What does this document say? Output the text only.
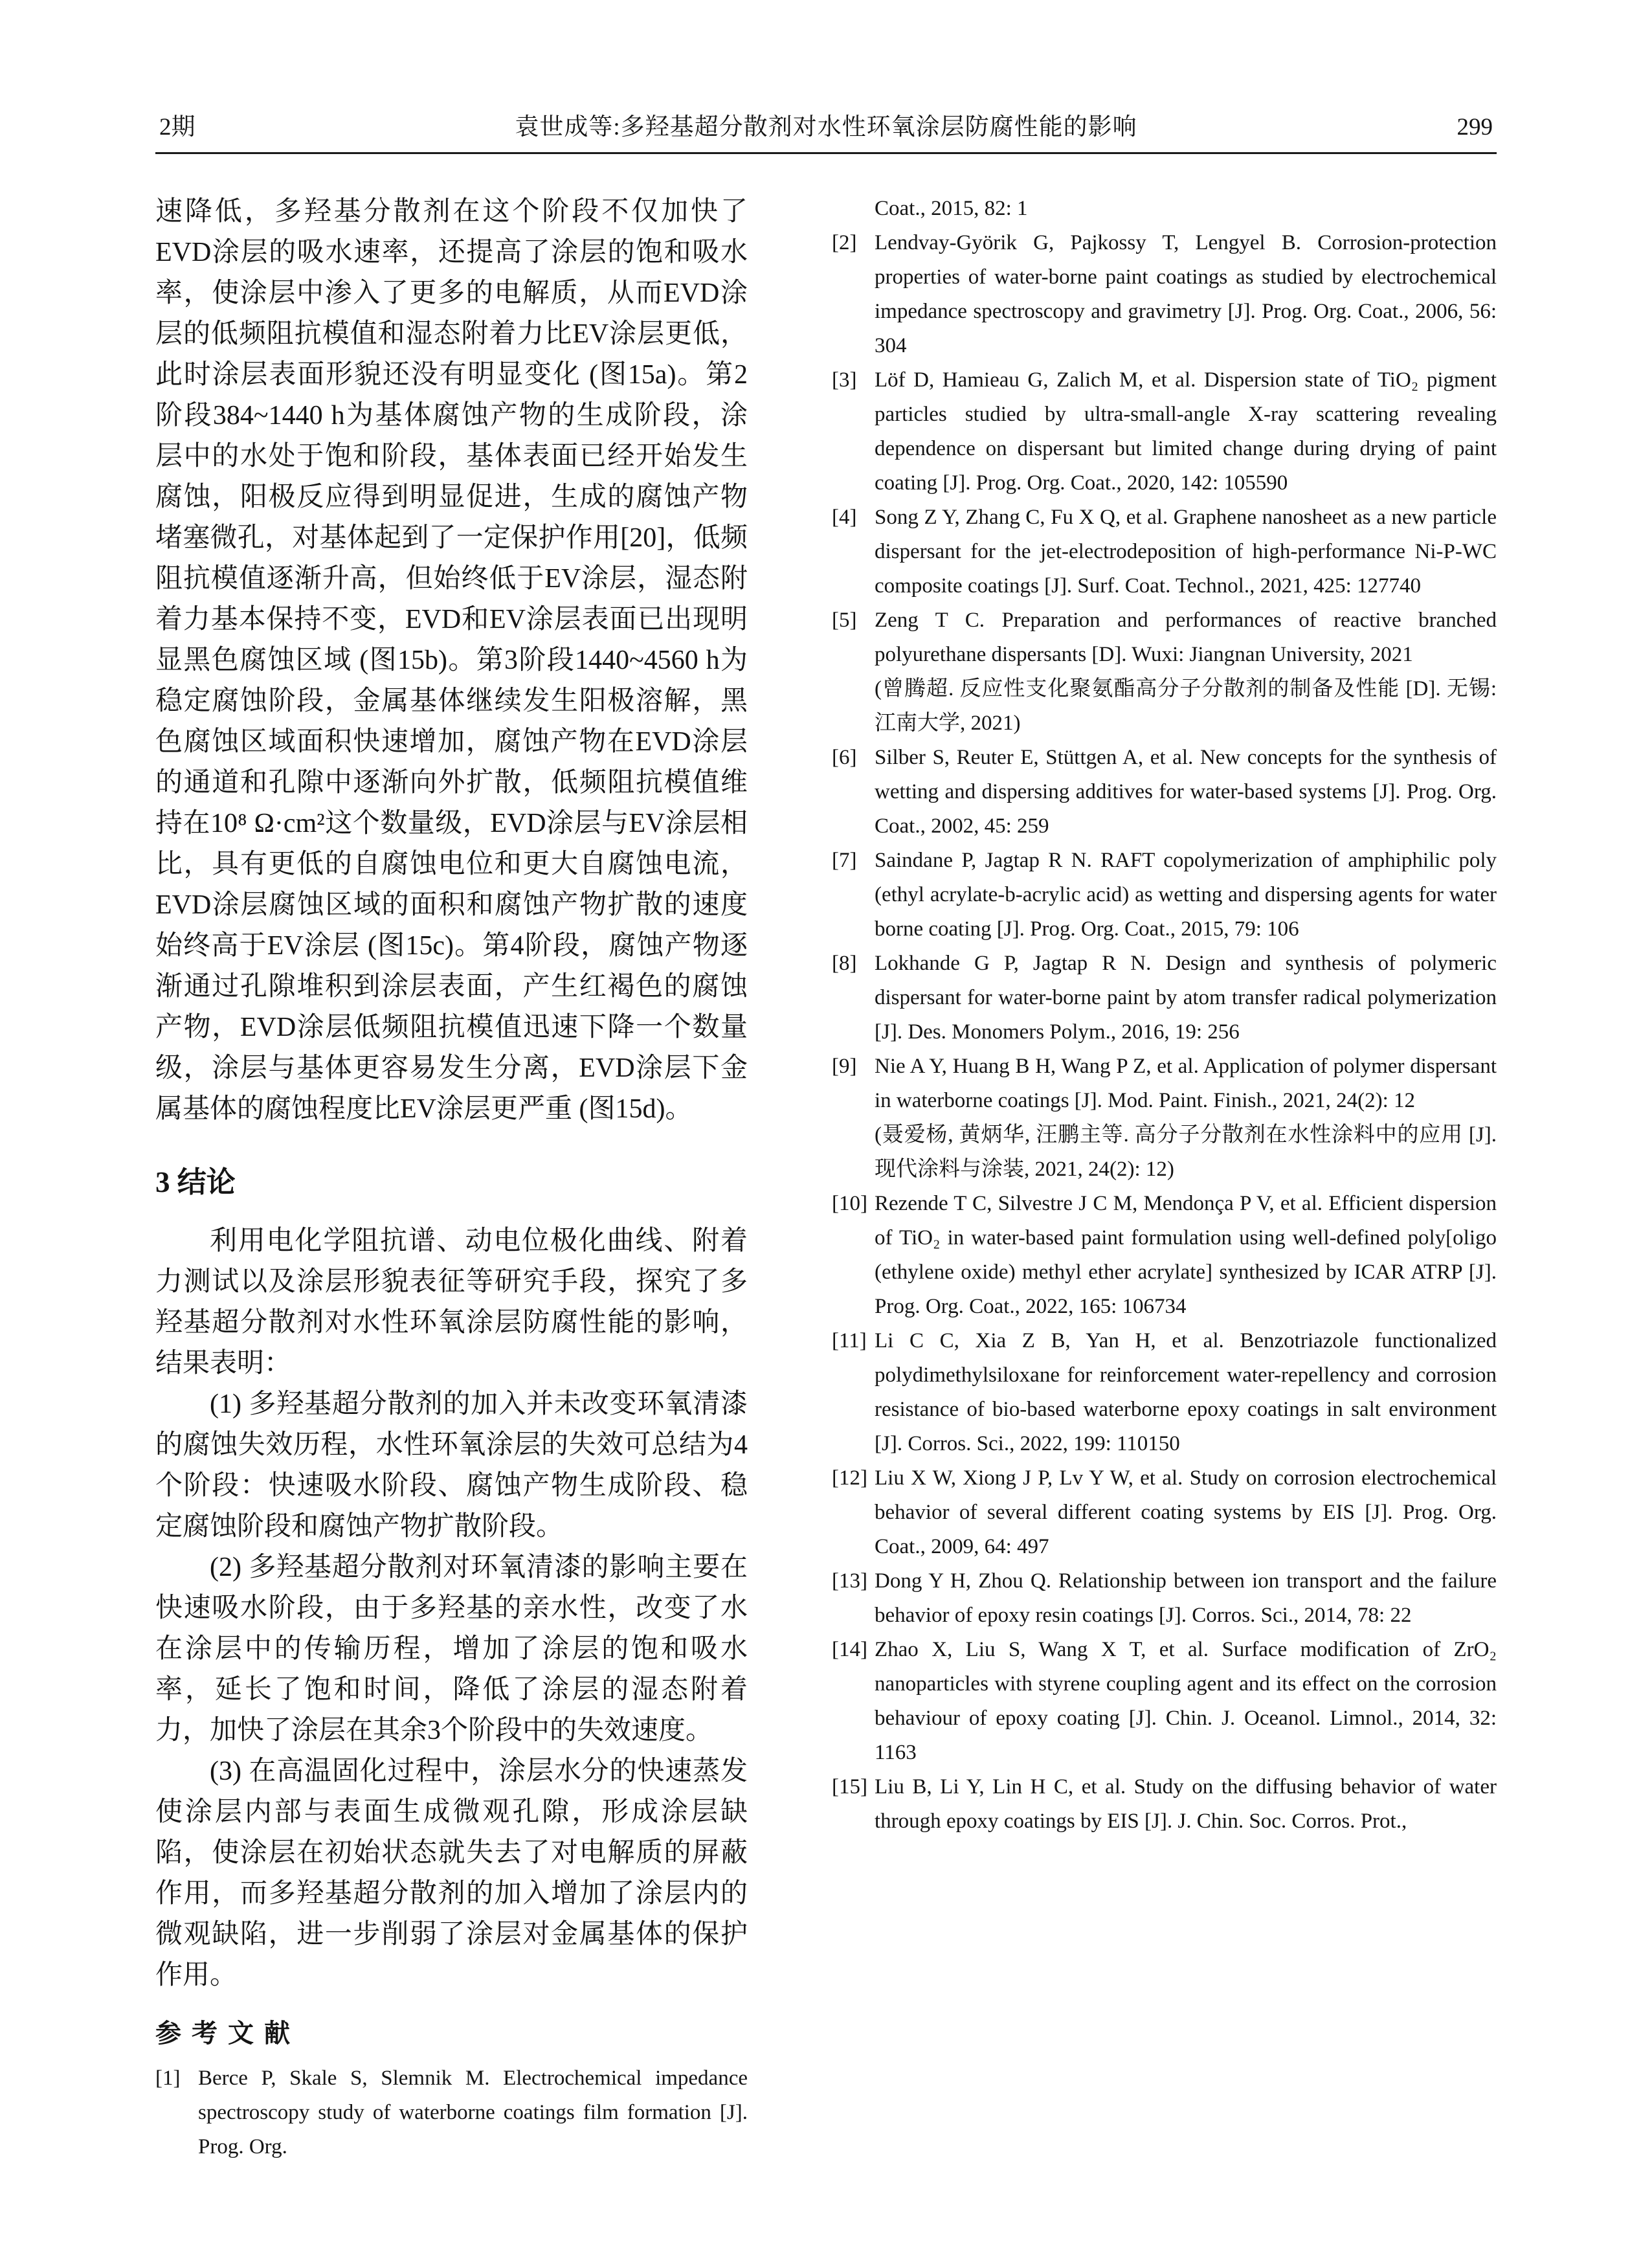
2期	袁世成等:多羟基超分散剂对水性环氧涂层防腐性能的影响	299

速降低，多羟基分散剂在这个阶段不仅加快了EVD涂层的吸水速率，还提高了涂层的饱和吸水率，使涂层中渗入了更多的电解质，从而EVD涂层的低频阻抗模值和湿态附着力比EV涂层更低，此时涂层表面形貌还没有明显变化 (图15a)。第2阶段384~1440 h为基体腐蚀产物的生成阶段，涂层中的水处于饱和阶段，基体表面已经开始发生腐蚀，阳极反应得到明显促进，生成的腐蚀产物堵塞微孔，对基体起到了一定保护作用[20]，低频阻抗模值逐渐升高，但始终低于EV涂层，湿态附着力基本保持不变，EVD和EV涂层表面已出现明显黑色腐蚀区域 (图15b)。第3阶段1440~4560 h为稳定腐蚀阶段，金属基体继续发生阳极溶解，黑色腐蚀区域面积快速增加，腐蚀产物在EVD涂层的通道和孔隙中逐渐向外扩散，低频阻抗模值维持在10⁸ Ω·cm²这个数量级，EVD涂层与EV涂层相比，具有更低的自腐蚀电位和更大自腐蚀电流，EVD涂层腐蚀区域的面积和腐蚀产物扩散的速度始终高于EV涂层 (图15c)。第4阶段，腐蚀产物逐渐通过孔隙堆积到涂层表面，产生红褐色的腐蚀产物，EVD涂层低频阻抗模值迅速下降一个数量级，涂层与基体更容易发生分离，EVD涂层下金属基体的腐蚀程度比EV涂层更严重 (图15d)。

3 结论

利用电化学阻抗谱、动电位极化曲线、附着力测试以及涂层形貌表征等研究手段，探究了多羟基超分散剂对水性环氧涂层防腐性能的影响，结果表明：

(1) 多羟基超分散剂的加入并未改变环氧清漆的腐蚀失效历程，水性环氧涂层的失效可总结为4个阶段：快速吸水阶段、腐蚀产物生成阶段、稳定腐蚀阶段和腐蚀产物扩散阶段。

(2) 多羟基超分散剂对环氧清漆的影响主要在快速吸水阶段，由于多羟基的亲水性，改变了水在涂层中的传输历程，增加了涂层的饱和吸水率，延长了饱和时间，降低了涂层的湿态附着力，加快了涂层在其余3个阶段中的失效速度。

(3) 在高温固化过程中，涂层水分的快速蒸发使涂层内部与表面生成微观孔隙，形成涂层缺陷，使涂层在初始状态就失去了对电解质的屏蔽作用，而多羟基超分散剂的加入增加了涂层内的微观缺陷，进一步削弱了涂层对金属基体的保护作用。

参 考 文 献
[1] Berce P, Skale S, Slemnik M. Electrochemical impedance spectroscopy study of waterborne coatings film formation [J]. Prog. Org.
Coat., 2015, 82: 1
[2] Lendvay-Györik G, Pajkossy T, Lengyel B. Corrosion-protection properties of water-borne paint coatings as studied by electrochemical impedance spectroscopy and gravimetry [J]. Prog. Org. Coat., 2006, 56: 304
[3] Löf D, Hamieau G, Zalich M, et al. Dispersion state of TiO₂ pigment particles studied by ultra-small-angle X-ray scattering revealing dependence on dispersant but limited change during drying of paint coating [J]. Prog. Org. Coat., 2020, 142: 105590
[4] Song Z Y, Zhang C, Fu X Q, et al. Graphene nanosheet as a new particle dispersant for the jet-electrodeposition of high-performance Ni-P-WC composite coatings [J]. Surf. Coat. Technol., 2021, 425: 127740
[5] Zeng T C. Preparation and performances of reactive branched polyurethane dispersants [D]. Wuxi: Jiangnan University, 2021
(曾腾超. 反应性支化聚氨酯高分子分散剂的制备及性能 [D]. 无锡: 江南大学, 2021)
[6] Silber S, Reuter E, Stüttgen A, et al. New concepts for the synthesis of wetting and dispersing additives for water-based systems [J]. Prog. Org. Coat., 2002, 45: 259
[7] Saindane P, Jagtap R N. RAFT copolymerization of amphiphilic poly (ethyl acrylate-b-acrylic acid) as wetting and dispersing agents for water borne coating [J]. Prog. Org. Coat., 2015, 79: 106
[8] Lokhande G P, Jagtap R N. Design and synthesis of polymeric dispersant for water-borne paint by atom transfer radical polymerization [J]. Des. Monomers Polym., 2016, 19: 256
[9] Nie A Y, Huang B H, Wang P Z, et al. Application of polymer dispersant in waterborne coatings [J]. Mod. Paint. Finish., 2021, 24(2): 12
(聂爱杨, 黄炳华, 汪鹏主等. 高分子分散剂在水性涂料中的应用 [J]. 现代涂料与涂装, 2021, 24(2): 12)
[10] Rezende T C, Silvestre J C M, Mendonça P V, et al. Efficient dispersion of TiO₂ in water-based paint formulation using well-defined poly[oligo (ethylene oxide) methyl ether acrylate] synthesized by ICAR ATRP [J]. Prog. Org. Coat., 2022, 165: 106734
[11] Li C C, Xia Z B, Yan H, et al. Benzotriazole functionalized polydimethylsiloxane for reinforcement water-repellency and corrosion resistance of bio-based waterborne epoxy coatings in salt environment [J]. Corros. Sci., 2022, 199: 110150
[12] Liu X W, Xiong J P, Lv Y W, et al. Study on corrosion electrochemical behavior of several different coating systems by EIS [J]. Prog. Org. Coat., 2009, 64: 497
[13] Dong Y H, Zhou Q. Relationship between ion transport and the failure behavior of epoxy resin coatings [J]. Corros. Sci., 2014, 78: 22
[14] Zhao X, Liu S, Wang X T, et al. Surface modification of ZrO₂ nanoparticles with styrene coupling agent and its effect on the corrosion behaviour of epoxy coating [J]. Chin. J. Oceanol. Limnol., 2014, 32: 1163
[15] Liu B, Li Y, Lin H C, et al. Study on the diffusing behavior of water through epoxy coatings by EIS [J]. J. Chin. Soc. Corros. Prot.,
